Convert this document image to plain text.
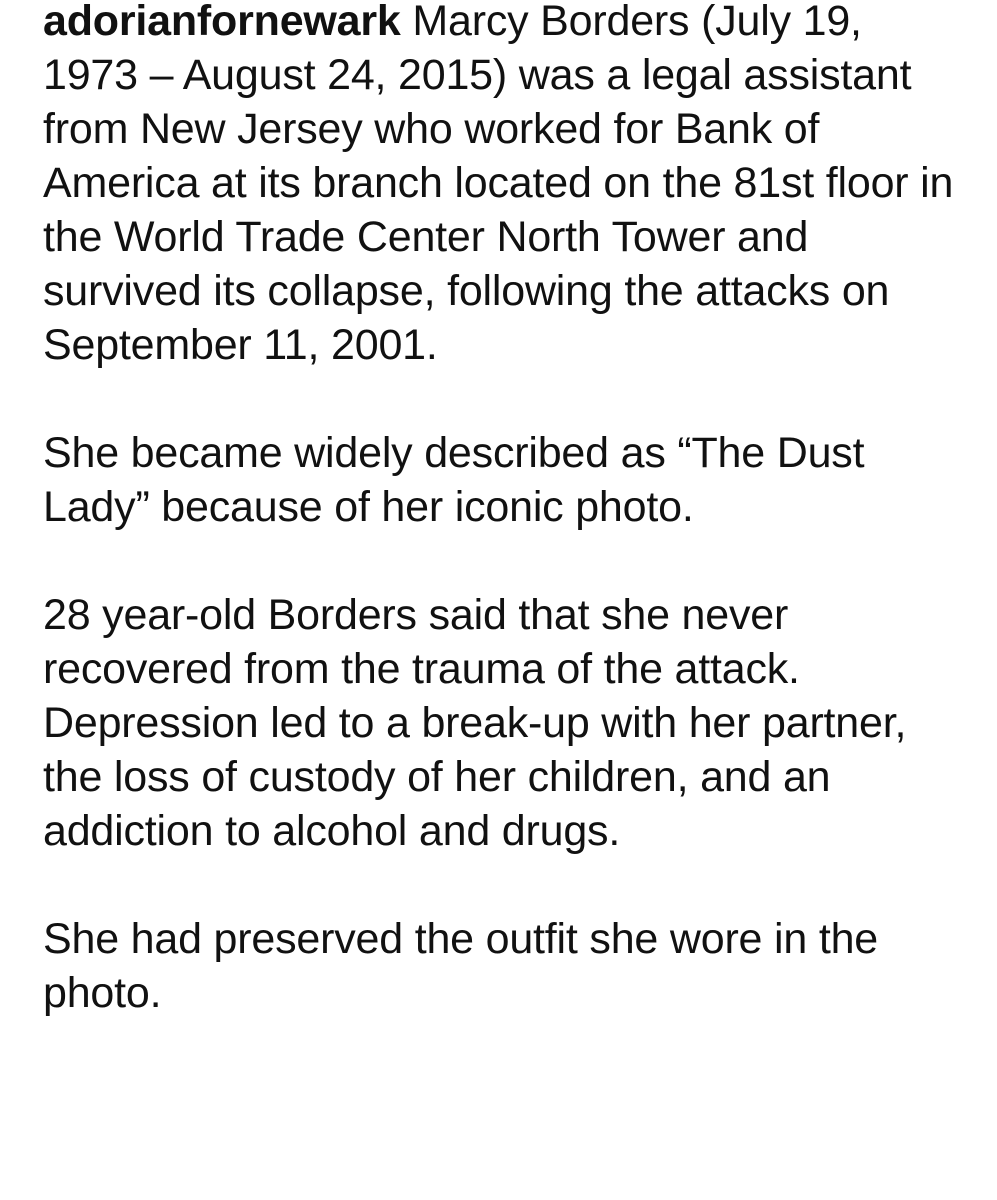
adorianfornewark Marcy Borders (July 19, 1973 – August 24, 2015) was a legal assistant from New Jersey who worked for Bank of America at its branch located on the 81st floor in the World Trade Center North Tower and survived its collapse, following the attacks on September 11, 2001.

She became widely described as “The Dust Lady” because of her iconic photo.

28 year-old Borders said that she never recovered from the trauma of the attack. Depression led to a break-up with her partner, the loss of custody of her children, and an addiction to alcohol and drugs.

She had preserved the outfit she wore in the photo.
